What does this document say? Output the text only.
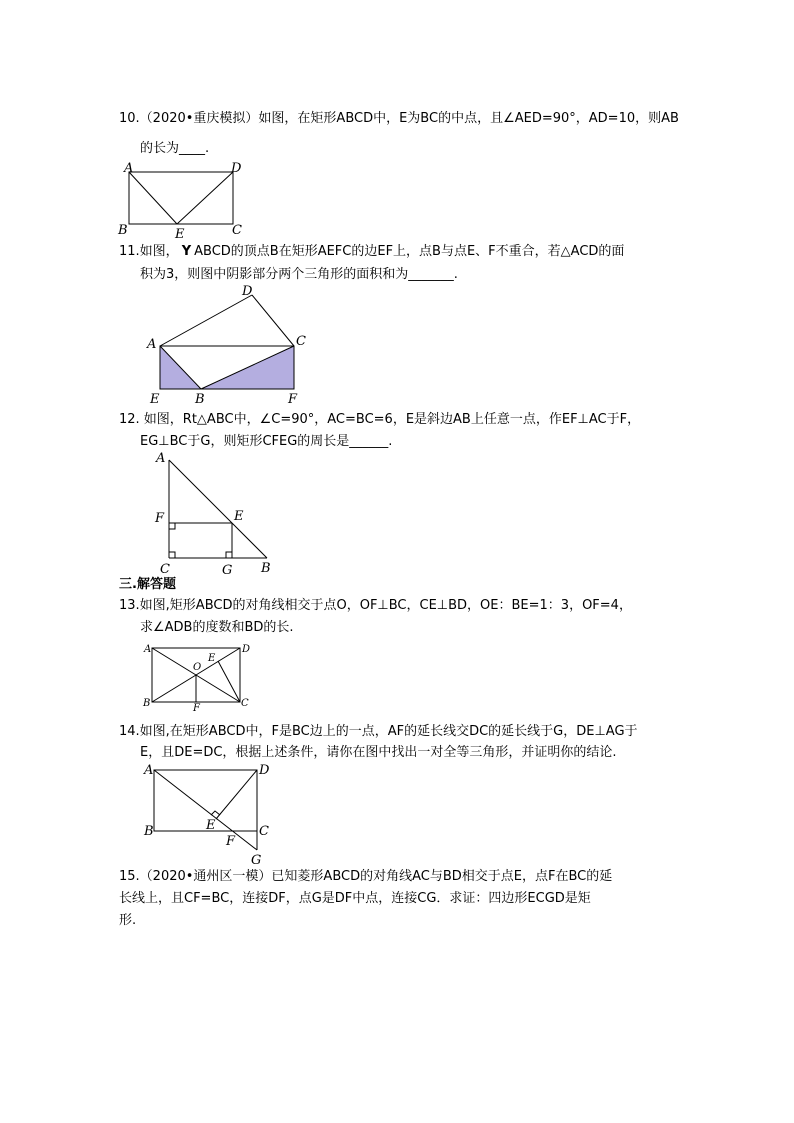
10.（2020•重庆模拟）如图，在矩形ABCD中，E为BC的中点，且∠AED=90°，AD=10，则AB
的长为____.
A	D
B	E	C
11.如图， Y ABCD的顶点B在矩形AEFC的边EF上，点B与点E、F不重合，若△ACD的面
积为3，则图中阴影部分两个三角形的面积和为_______.
D
A	C
E	B	F
12. 如图，Rt△ABC中，∠C=90°，AC=BC=6，E是斜边AB上任意一点，作EF⊥AC于F，
EG⊥BC于G，则矩形CFEG的周长是______.
A
F	E
C	G B
三.解答题
13.如图,矩形ABCD的对角线相交于点O，OF⊥BC，CE⊥BD，OE：BE=1：3，OF=4，
求∠ADB的度数和BD的长.
A	D
E
O
B	F	C
14.如图,在矩形ABCD中，F是BC边上的一点，AF的延长线交DC的延长线于G，DE⊥AG于
E，且DE=DC，根据上述条件，请你在图中找出一对全等三角形，并证明你的结论.
A	D
E
B
F
C
G
15.（2020•通州区一模）已知菱形ABCD的对角线AC与BD相交于点E，点F在BC的延
长线上，且CF=BC，连接DF，点G是DF中点，连接CG．求证：四边形ECGD是矩
形.
